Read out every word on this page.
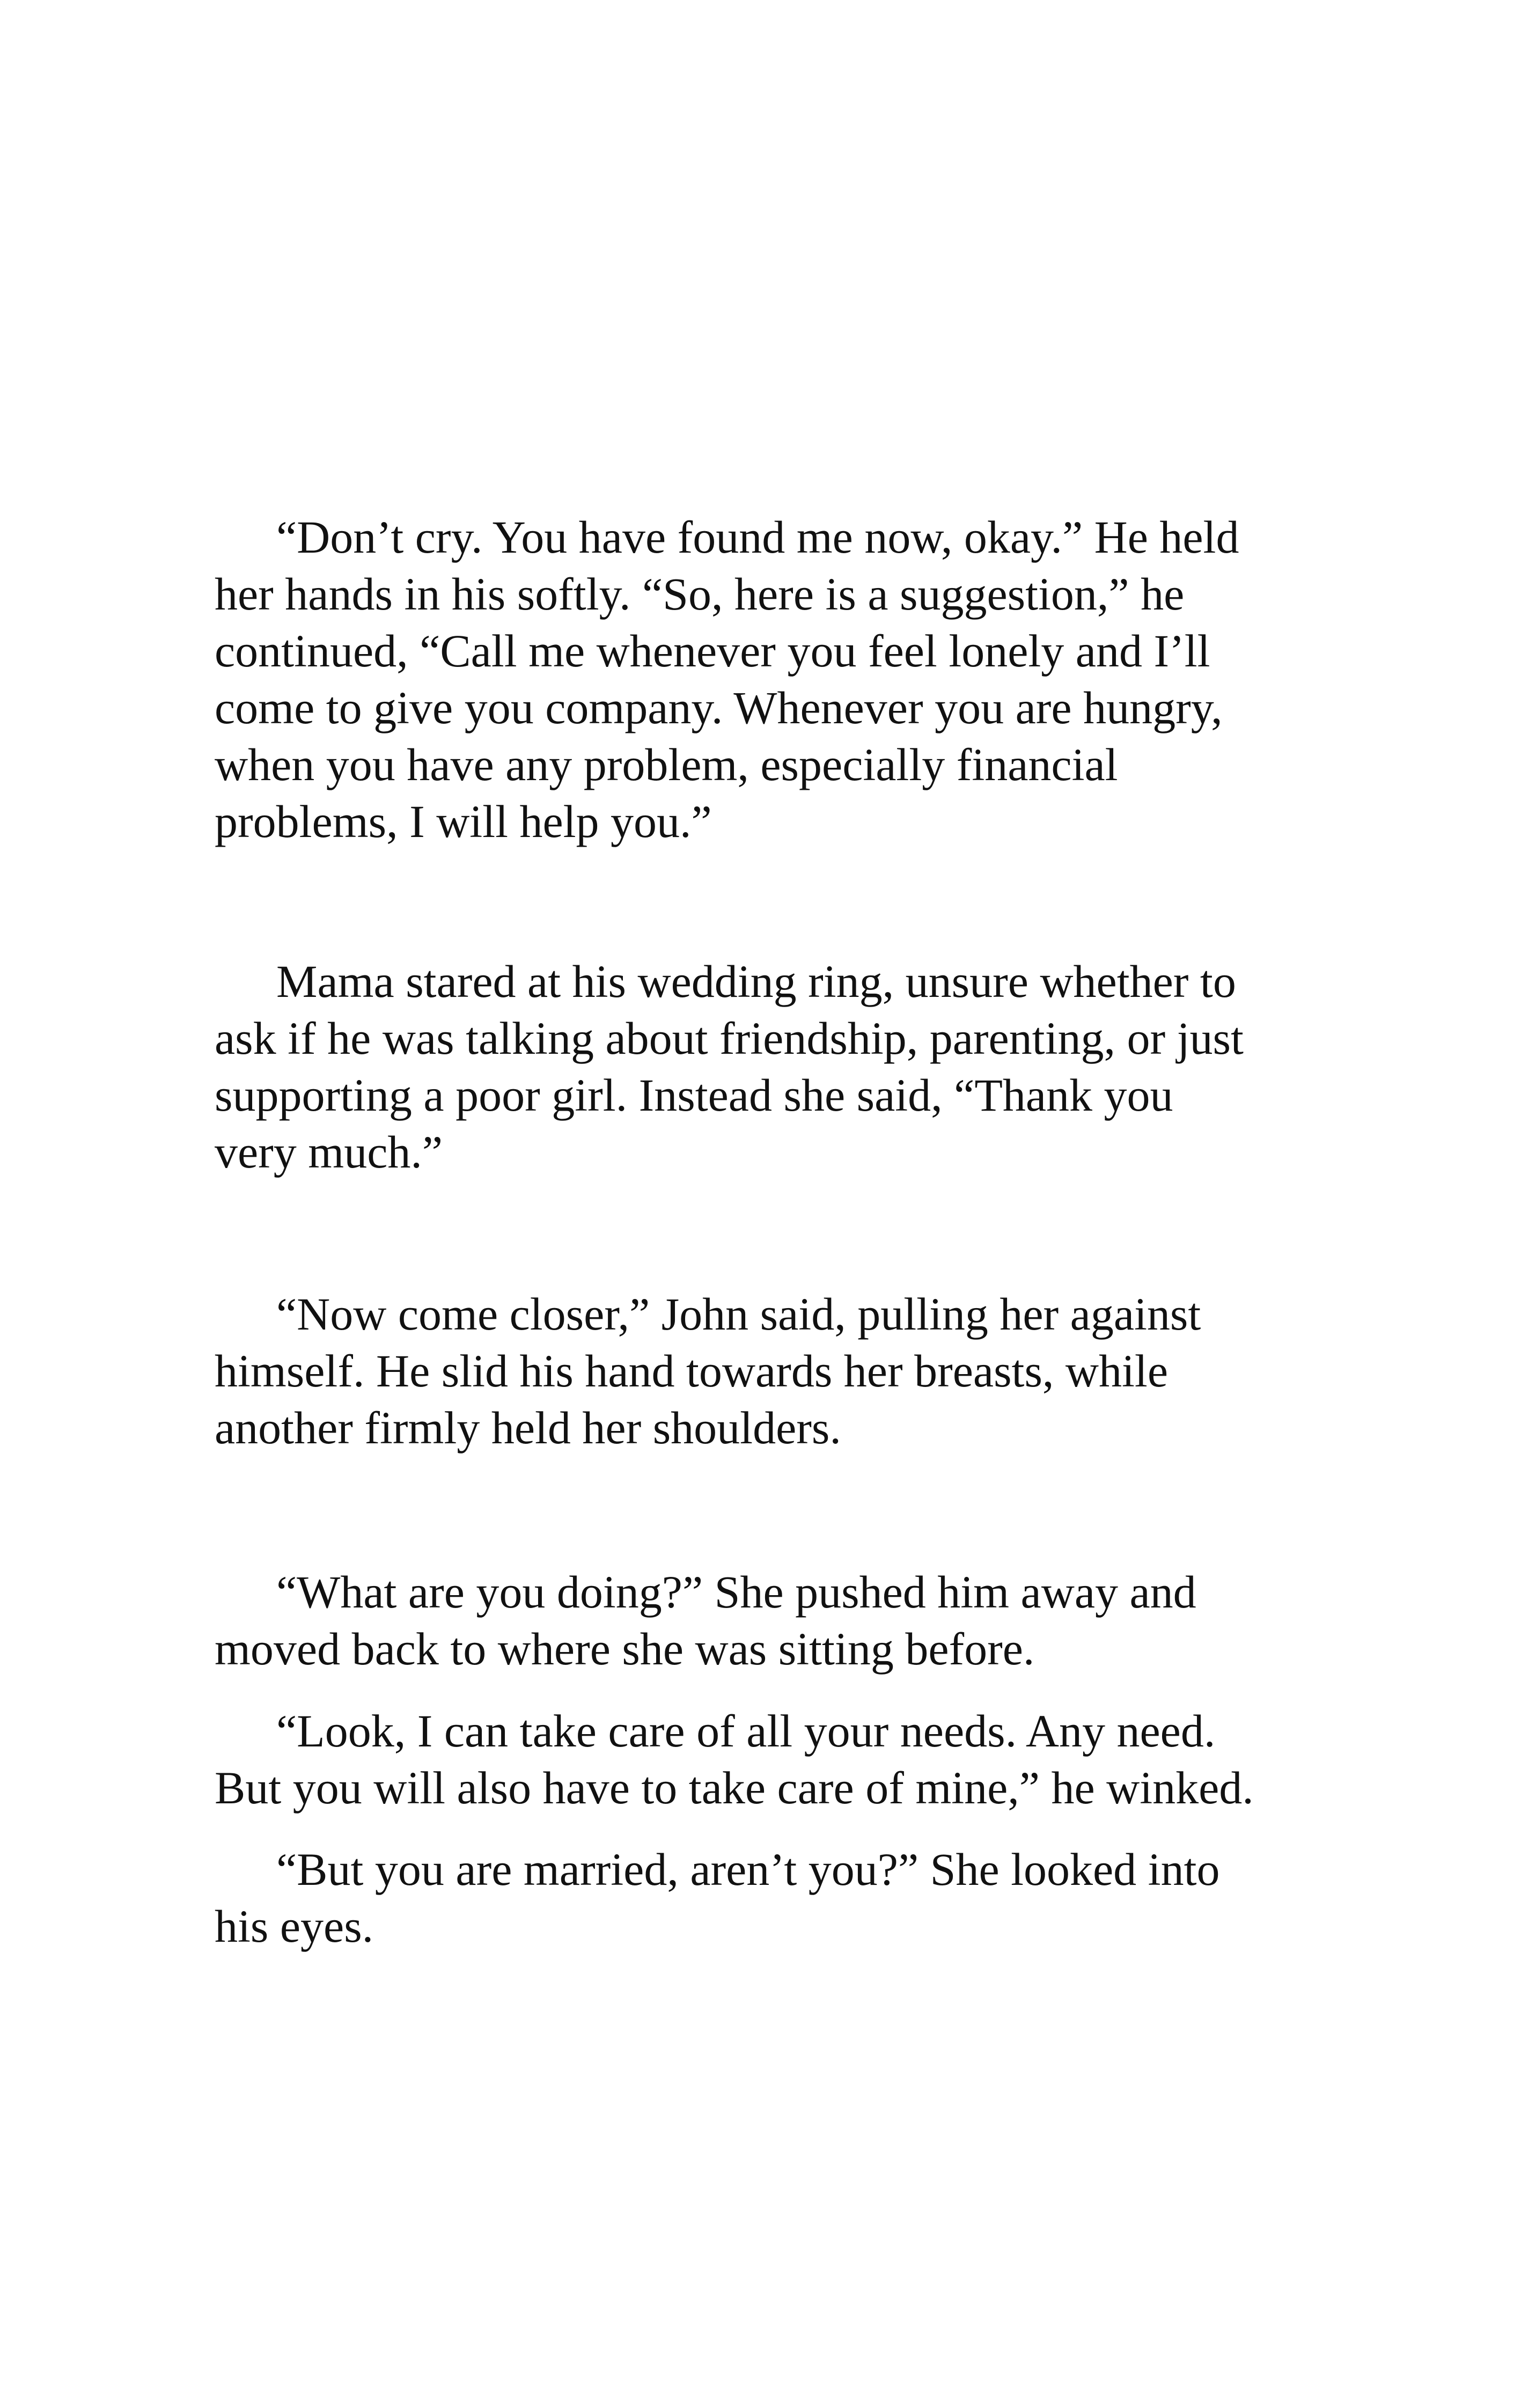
“Don’t cry. You have found me now, okay.” He held
her hands in his softly. “So, here is a suggestion,” he
continued, “Call me whenever you feel lonely and I’ll
come to give you company. Whenever you are hungry,
when you have any problem, especially financial
problems, I will help you.”
Mama stared at his wedding ring, unsure whether to
ask if he was talking about friendship, parenting, or just
supporting a poor girl. Instead she said, “Thank you
very much.”
“Now come closer,” John said, pulling her against
himself. He slid his hand towards her breasts, while
another firmly held her shoulders.
“What are you doing?” She pushed him away and
moved back to where she was sitting before.
“Look, I can take care of all your needs. Any need.
But you will also have to take care of mine,” he winked.
“But you are married, aren’t you?” She looked into
his eyes.
